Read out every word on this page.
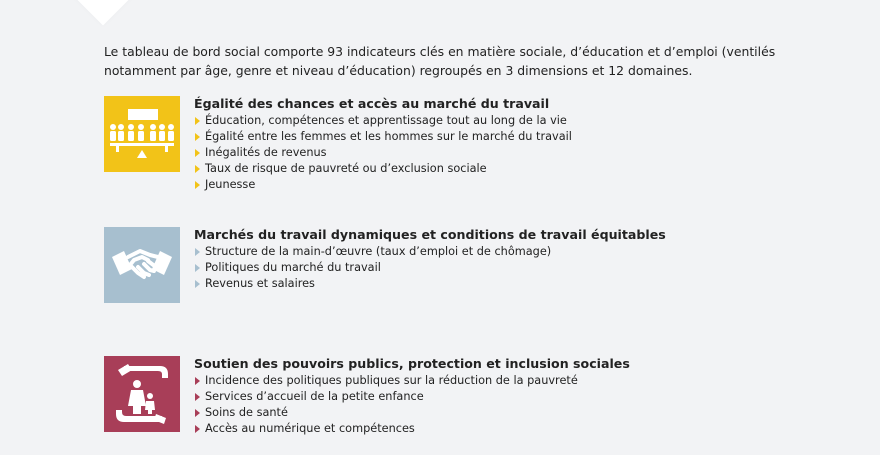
Le tableau de bord social comporte 93 indicateurs clés en matière sociale, d’éducation et d’emploi (ventilés notamment par âge, genre et niveau d’éducation) regroupés en 3 dimensions et 12 domaines.

Égalité des chances et accès au marché du travail
Éducation, compétences et apprentissage tout au long de la vie
Égalité entre les femmes et les hommes sur le marché du travail
Inégalités de revenus
Taux de risque de pauvreté ou d’exclusion sociale
Jeunesse
Marchés du travail dynamiques et conditions de travail équitables
Structure de la main-d’œuvre (taux d’emploi et de chômage)
Politiques du marché du travail
Revenus et salaires
Soutien des pouvoirs publics, protection et inclusion sociales
Incidence des politiques publiques sur la réduction de la pauvreté
Services d’accueil de la petite enfance
Soins de santé
Accès au numérique et compétences
